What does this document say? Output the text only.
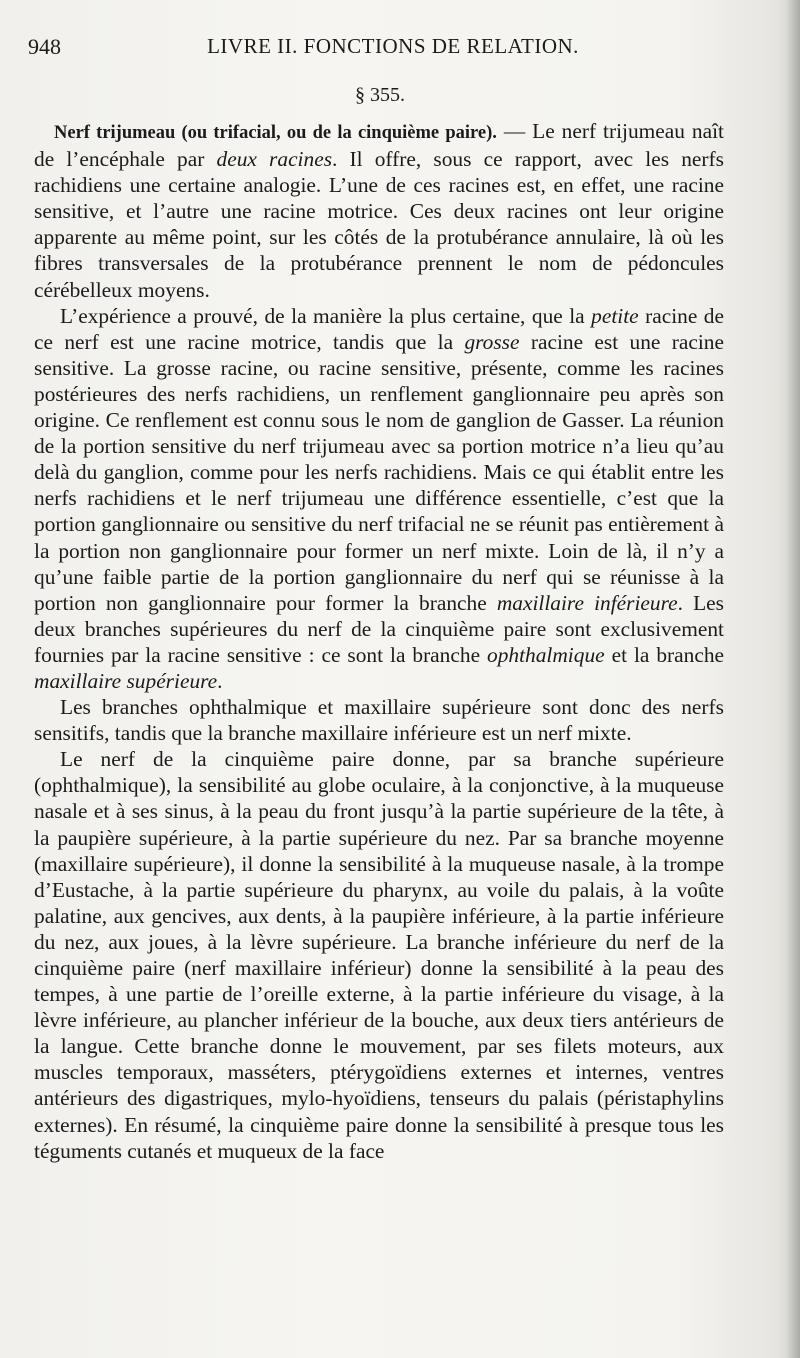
948	LIVRE II. FONCTIONS DE RELATION.
§ 355.

Nerf trijumeau (ou trifacial, ou de la cinquième paire). — Le nerf trijumeau naît de l’encéphale par deux racines. Il offre, sous ce rapport, avec les nerfs rachidiens une certaine analogie. L’une de ces racines est, en effet, une racine sensitive, et l’autre une racine motrice. Ces deux racines ont leur origine apparente au même point, sur les côtés de la protubérance annulaire, là où les fibres transversales de la protubérance prennent le nom de pédoncules cérébelleux moyens.

L’expérience a prouvé, de la manière la plus certaine, que la petite racine de ce nerf est une racine motrice, tandis que la grosse racine est une racine sensitive. La grosse racine, ou racine sensitive, présente, comme les racines postérieures des nerfs rachidiens, un renflement ganglionnaire peu après son origine. Ce renflement est connu sous le nom de ganglion de Gasser. La réunion de la portion sensitive du nerf trijumeau avec sa portion motrice n’a lieu qu’au delà du ganglion, comme pour les nerfs rachidiens. Mais ce qui établit entre les nerfs rachidiens et le nerf trijumeau une différence essentielle, c’est que la portion ganglionnaire ou sensitive du nerf trifacial ne se réunit pas entièrement à la portion non ganglionnaire pour former un nerf mixte. Loin de là, il n’y a qu’une faible partie de la portion ganglionnaire du nerf qui se réunisse à la portion non ganglionnaire pour former la branche maxillaire inférieure. Les deux branches supérieures du nerf de la cinquième paire sont exclusivement fournies par la racine sensitive : ce sont la branche ophthalmique et la branche maxillaire supérieure.

Les branches ophthalmique et maxillaire supérieure sont donc des nerfs sensitifs, tandis que la branche maxillaire inférieure est un nerf mixte.

Le nerf de la cinquième paire donne, par sa branche supérieure (ophthalmique), la sensibilité au globe oculaire, à la conjonctive, à la muqueuse nasale et à ses sinus, à la peau du front jusqu’à la partie supérieure de la tête, à la paupière supérieure, à la partie supérieure du nez. Par sa branche moyenne (maxillaire supérieure), il donne la sensibilité à la muqueuse nasale, à la trompe d’Eustache, à la partie supérieure du pharynx, au voile du palais, à la voûte palatine, aux gencives, aux dents, à la paupière inférieure, à la partie inférieure du nez, aux joues, à la lèvre supérieure. La branche inférieure du nerf de la cinquième paire (nerf maxillaire inférieur) donne la sensibilité à la peau des tempes, à une partie de l’oreille externe, à la partie inférieure du visage, à la lèvre inférieure, au plancher inférieur de la bouche, aux deux tiers antérieurs de la langue. Cette branche donne le mouvement, par ses filets moteurs, aux muscles temporaux, masséters, ptérygoïdiens externes et internes, ventres antérieurs des digastriques, mylo-hyoïdiens, tenseurs du palais (péristaphylins externes). En résumé, la cinquième paire donne la sensibilité à presque tous les téguments cutanés et muqueux de la face
